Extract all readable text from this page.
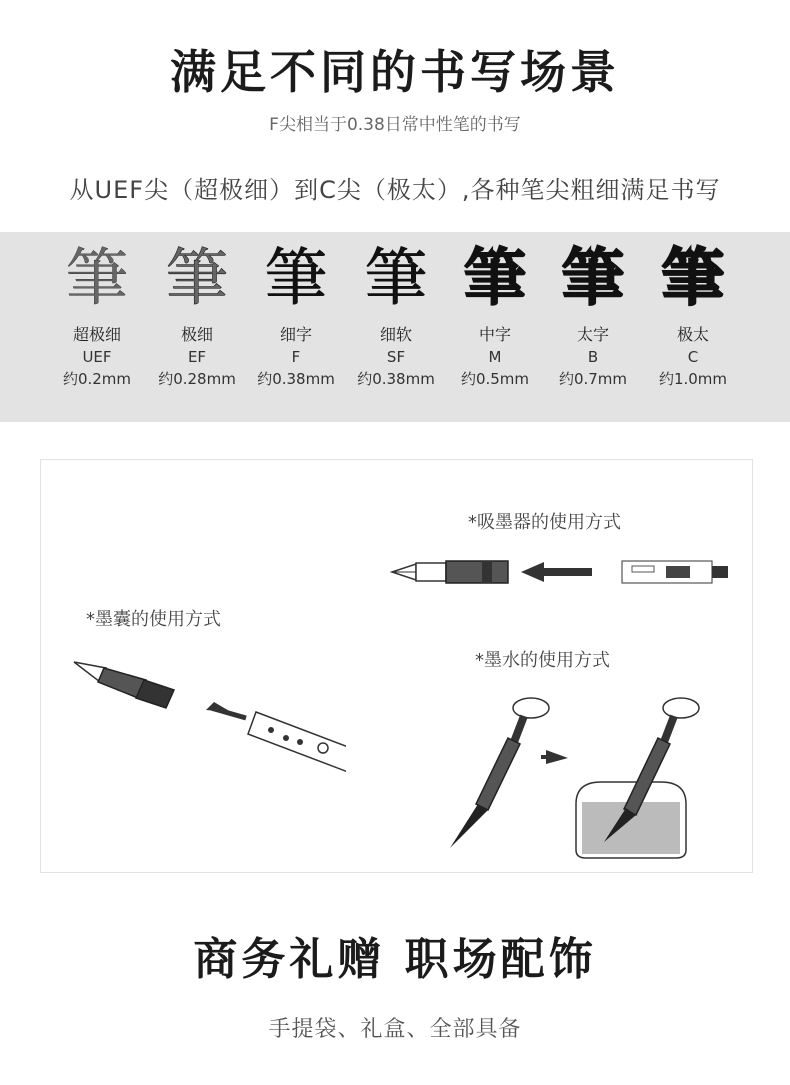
满足不同的书写场景
F尖相当于0.38日常中性笔的书写
从UEF尖（超极细）到C尖（极太）,各种笔尖粗细满足书写
筆
超极细
UEF
约0.2mm
筆
极细
EF
约0.28mm
筆
细字
F
约0.38mm
筆
细软
SF
约0.38mm
筆
中字
M
约0.5mm
筆
太字
B
约0.7mm
筆
极太
C
约1.0mm
*吸墨器的使用方式
*墨囊的使用方式
*墨水的使用方式
商务礼赠 职场配饰
手提袋、礼盒、全部具备
